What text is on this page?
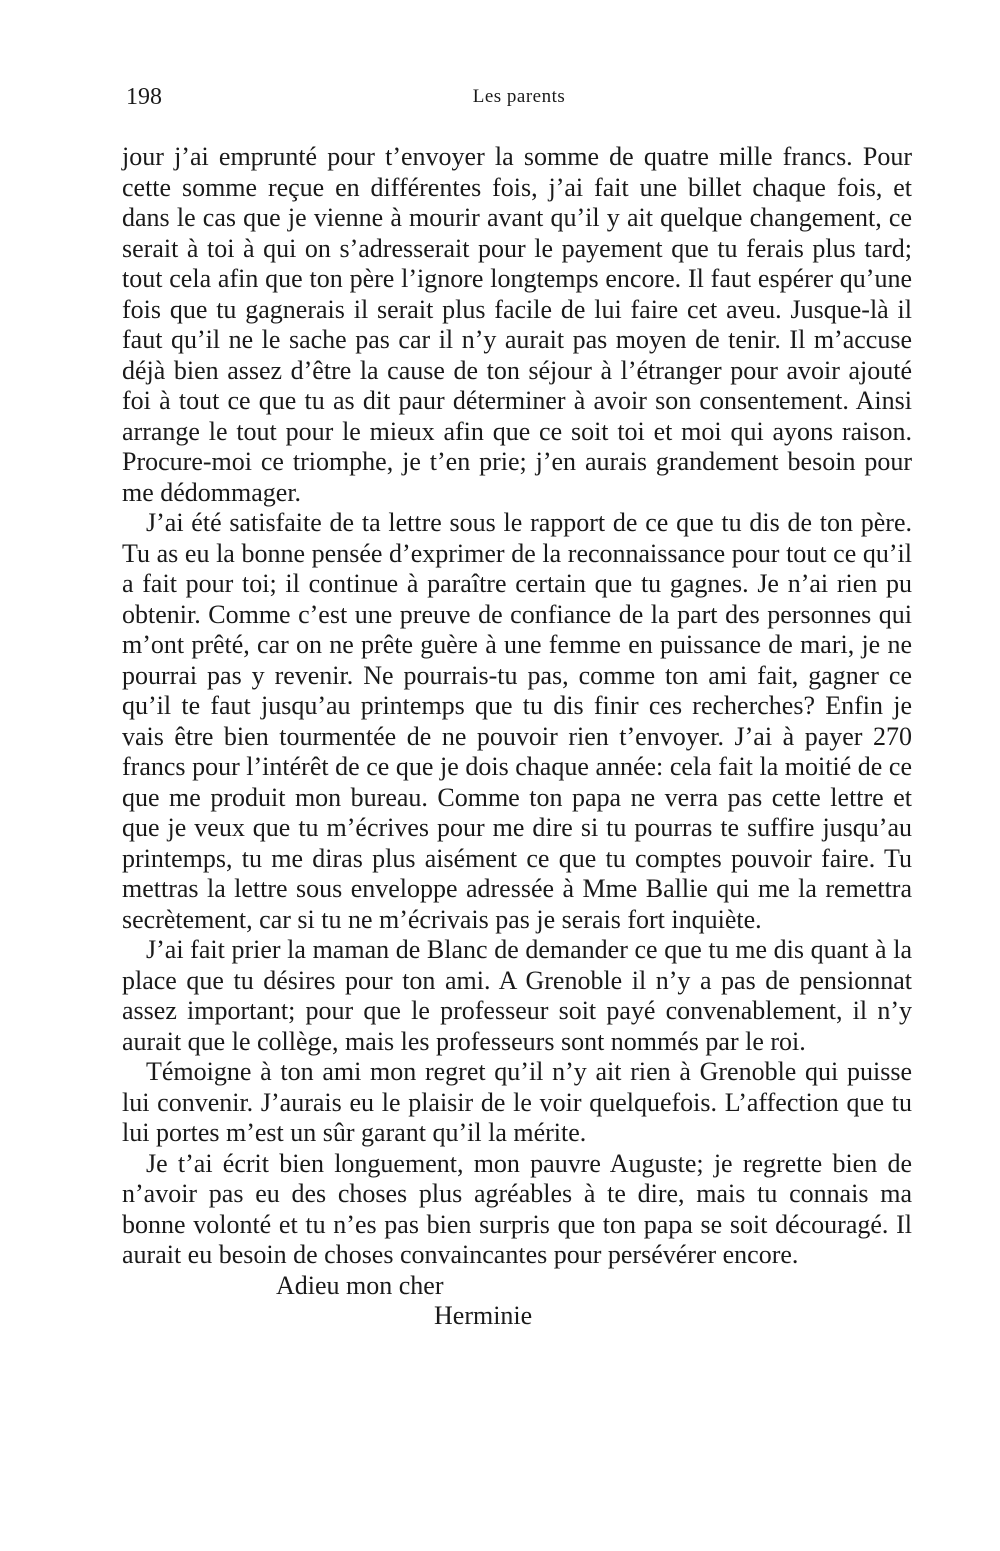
198	Les parents

jour j’ai emprunté pour t’envoyer la somme de quatre mille francs. Pour cette somme reçue en différentes fois, j’ai fait une billet chaque fois, et dans le cas que je vienne à mourir avant qu’il y ait quelque changement, ce serait à toi à qui on s’adresserait pour le payement que tu ferais plus tard; tout cela afin que ton père l’ignore longtemps encore. Il faut espérer qu’une fois que tu gagnerais il serait plus facile de lui faire cet aveu. Jusque-là il faut qu’il ne le sache pas car il n’y aurait pas moyen de tenir. Il m’accuse déjà bien assez d’être la cause de ton séjour à l’étranger pour avoir ajouté foi à tout ce que tu as dit paur déterminer à avoir son consentement. Ainsi arrange le tout pour le mieux afin que ce soit toi et moi qui ayons raison. Procure-moi ce triomphe, je t’en prie; j’en aurais grandement besoin pour me dédommager.

J’ai été satisfaite de ta lettre sous le rapport de ce que tu dis de ton père. Tu as eu la bonne pensée d’exprimer de la reconnaissance pour tout ce qu’il a fait pour toi; il continue à paraître certain que tu gagnes. Je n’ai rien pu obtenir. Comme c’est une preuve de confiance de la part des personnes qui m’ont prêté, car on ne prête guère à une femme en puissance de mari, je ne pourrai pas y revenir. Ne pourrais-tu pas, comme ton ami fait, gagner ce qu’il te faut jusqu’au printemps que tu dis finir ces recherches? Enfin je vais être bien tourmentée de ne pouvoir rien t’envoyer. J’ai à payer 270 francs pour l’intérêt de ce que je dois chaque année: cela fait la moitié de ce que me produit mon bureau. Comme ton papa ne verra pas cette lettre et que je veux que tu m’écrives pour me dire si tu pourras te suffire jusqu’au printemps, tu me diras plus aisément ce que tu comptes pouvoir faire. Tu mettras la lettre sous enveloppe adressée à Mme Ballie qui me la remettra secrètement, car si tu ne m’écrivais pas je serais fort inquiète.

J’ai fait prier la maman de Blanc de demander ce que tu me dis quant à la place que tu désires pour ton ami. A Grenoble il n’y a pas de pensionnat assez important; pour que le professeur soit payé convenablement, il n’y aurait que le collège, mais les professeurs sont nommés par le roi.

Témoigne à ton ami mon regret qu’il n’y ait rien à Grenoble qui puisse lui convenir. J’aurais eu le plaisir de le voir quelquefois. L’affection que tu lui portes m’est un sûr garant qu’il la mérite.

Je t’ai écrit bien longuement, mon pauvre Auguste; je regrette bien de n’avoir pas eu des choses plus agréables à te dire, mais tu connais ma bonne volonté et tu n’es pas bien surpris que ton papa se soit découragé. Il aurait eu besoin de choses convaincantes pour persévérer encore.

Adieu mon cher

Herminie
